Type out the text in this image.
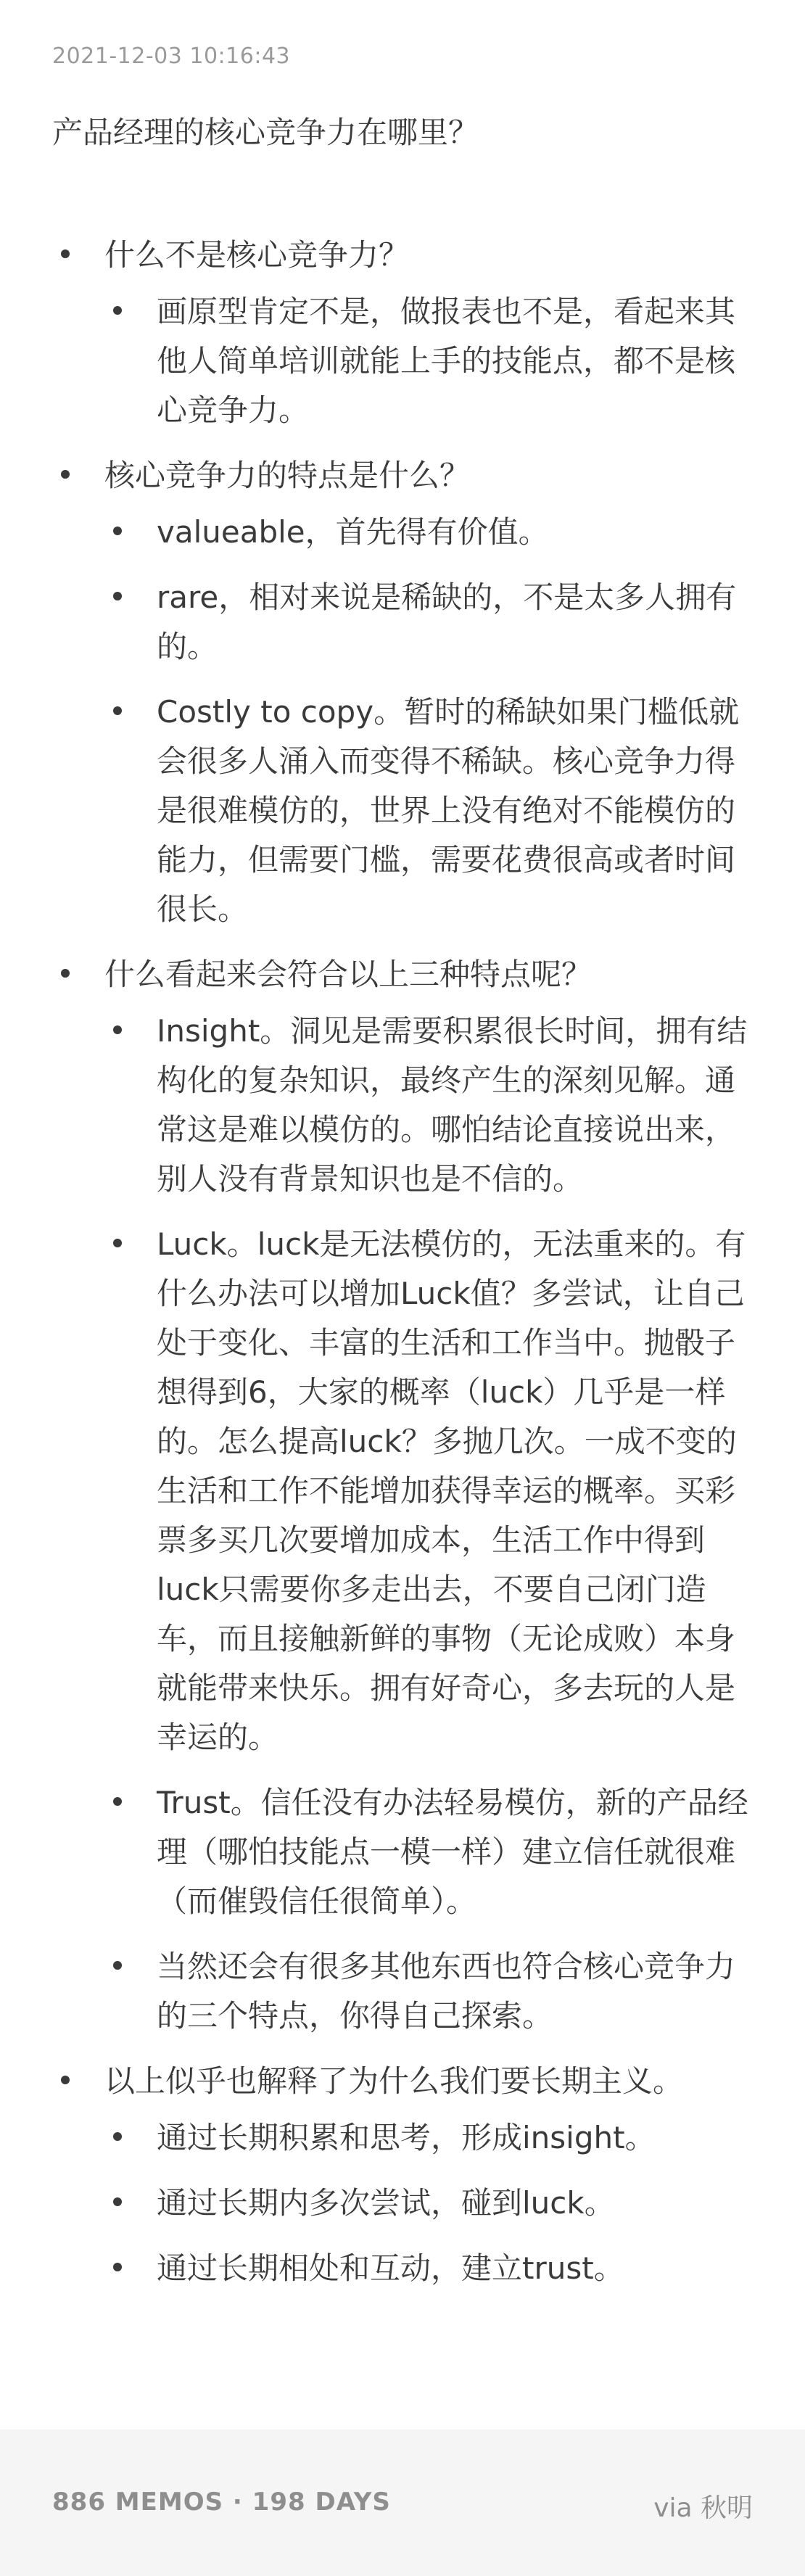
2021-12-03 10:16:43
产品经理的核心竞争力在哪里？
什么不是核心竞争力？
画原型肯定不是，做报表也不是，看起来其他人简单培训就能上手的技能点，都不是核心竞争力。
核心竞争力的特点是什么？
valueable，首先得有价值。
rare，相对来说是稀缺的，不是太多人拥有的。
Costly to copy。暂时的稀缺如果门槛低就会很多人涌入而变得不稀缺。核心竞争力得是很难模仿的，世界上没有绝对不能模仿的能力，但需要门槛，需要花费很高或者时间很长。
什么看起来会符合以上三种特点呢？
Insight。洞见是需要积累很长时间，拥有结构化的复杂知识，最终产生的深刻见解。通常这是难以模仿的。哪怕结论直接说出来，别人没有背景知识也是不信的。
Luck。luck是无法模仿的，无法重来的。有什么办法可以增加Luck值？多尝试，让自己处于变化、丰富的生活和工作当中。抛骰子想得到6，大家的概率（luck）几乎是一样的。怎么提高luck？多抛几次。一成不变的生活和工作不能增加获得幸运的概率。买彩票多买几次要增加成本，生活工作中得到luck只需要你多走出去，不要自己闭门造车，而且接触新鲜的事物（无论成败）本身就能带来快乐。拥有好奇心，多去玩的人是幸运的。
Trust。信任没有办法轻易模仿，新的产品经理（哪怕技能点一模一样）建立信任就很难（而催毁信任很简单）。
当然还会有很多其他东西也符合核心竞争力的三个特点，你得自己探索。
以上似乎也解释了为什么我们要长期主义。
通过长期积累和思考，形成insight。
通过长期内多次尝试，碰到luck。
通过长期相处和互动，建立trust。
886 MEMOS · 198 DAYS	via 秋明
